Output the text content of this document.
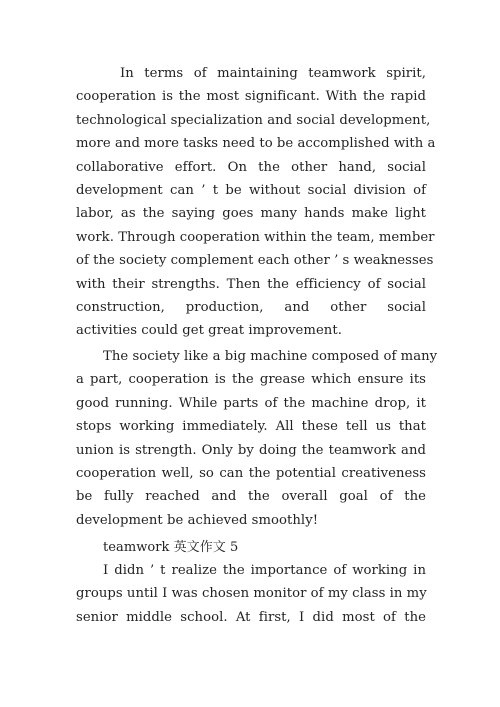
In terms of maintaining teamwork spirit,
cooperation is the most significant. With the rapid
technological specialization and social development,
more and more tasks need to be accomplished with a
collaborative effort. On the other hand, social
development can ’ t be without social division of
labor, as the saying goes many hands make light
work. Through cooperation within the team, member
of the society complement each other ’ s weaknesses
with their strengths. Then the efficiency of social
construction, production, and other social
activities could get great improvement.
The society like a big machine composed of many
a part, cooperation is the grease which ensure its
good running. While parts of the machine drop, it
stops working immediately. All these tell us that
union is strength. Only by doing the teamwork and
cooperation well, so can the potential creativeness
be fully reached and the overall goal of the
development be achieved smoothly!
teamwork 英文作文 5
I didn ’ t realize the importance of working in
groups until I was chosen monitor of my class in my
senior middle school. At first, I did most of the
